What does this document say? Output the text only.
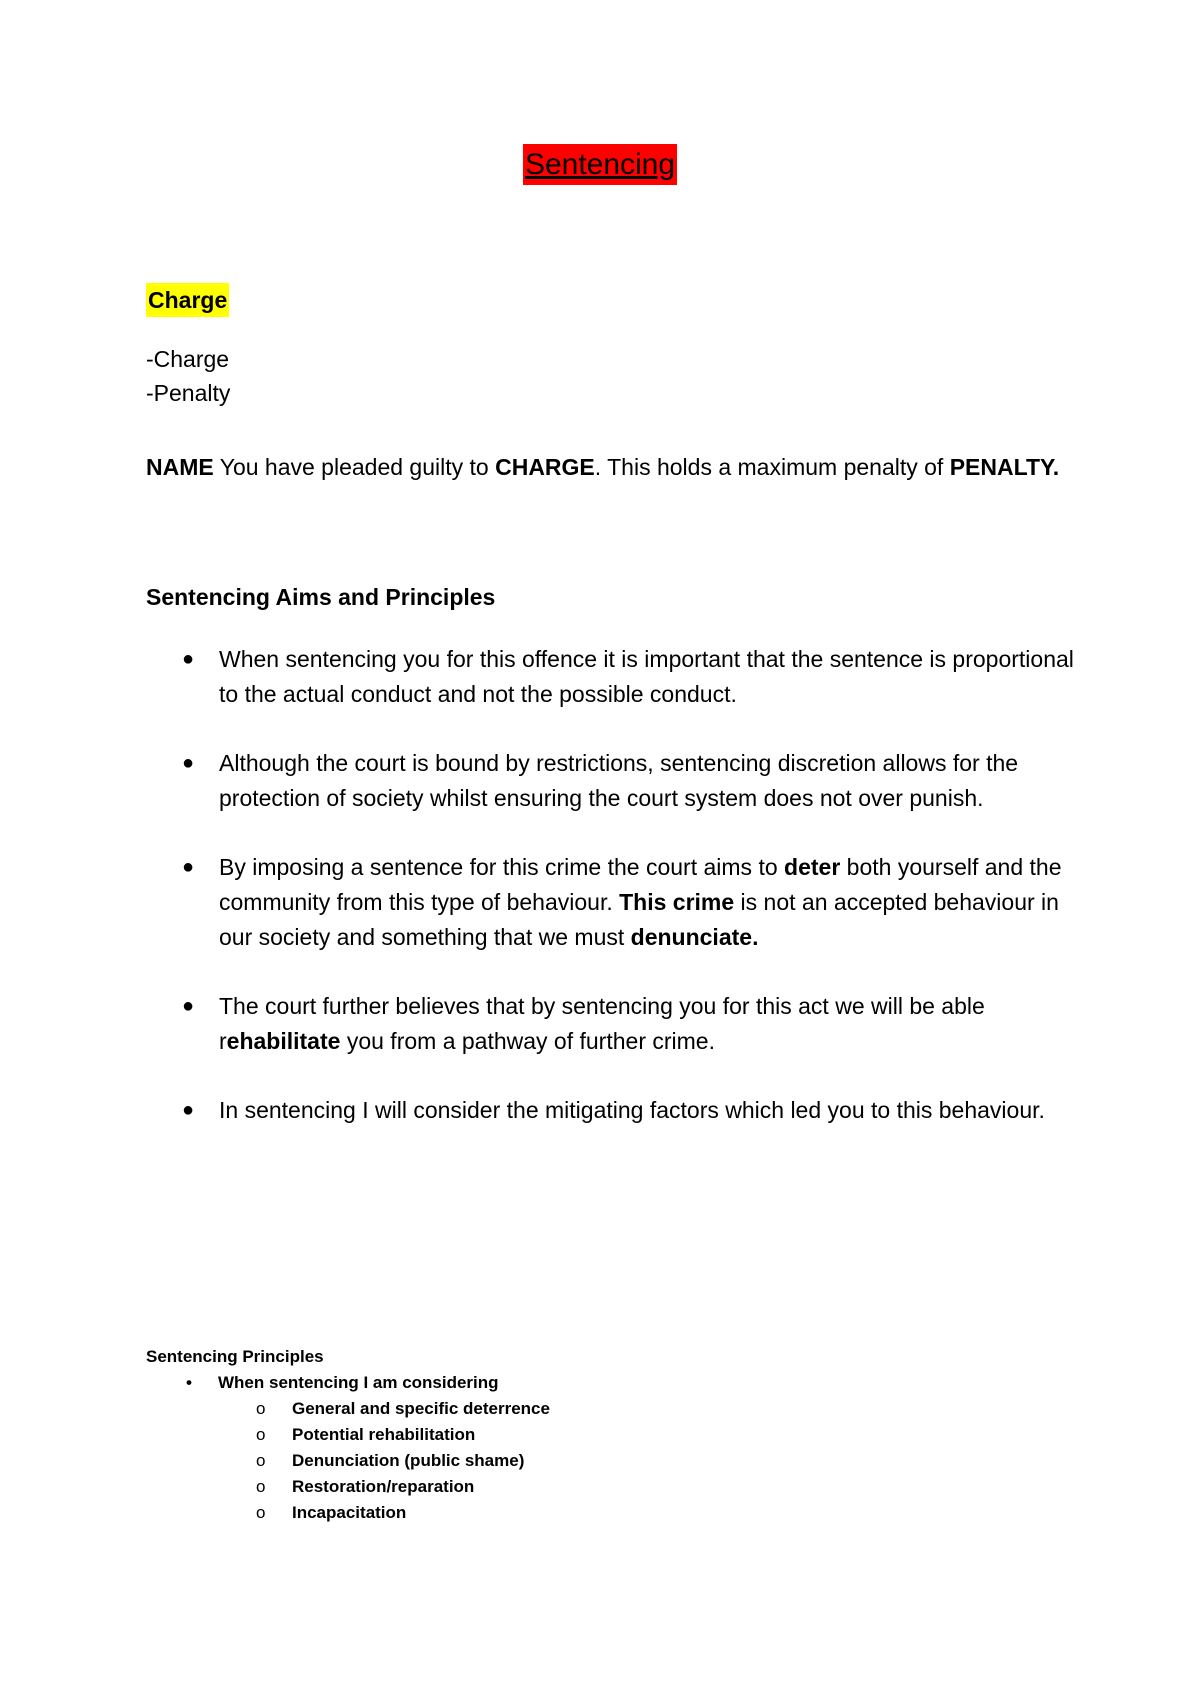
Sentencing
Charge

-Charge

-Penalty

NAME You have pleaded guilty to CHARGE. This holds a maximum penalty of PENALTY.
Sentencing Aims and Principles
● When sentencing you for this offence it is important that the sentence is proportional to the actual conduct and not the possible conduct.
● Although the court is bound by restrictions, sentencing discretion allows for the protection of society whilst ensuring the court system does not over punish.
● By imposing a sentence for this crime the court aims to deter both yourself and the community from this type of behaviour. This crime is not an accepted behaviour in our society and something that we must denunciate.
● The court further believes that by sentencing you for this act we will be able rehabilitate you from a pathway of further crime.
● In sentencing I will consider the mitigating factors which led you to this behaviour.
Sentencing Principles
• When sentencing I am considering
o General and specific deterrence
o Potential rehabilitation
o Denunciation (public shame)
o Restoration/reparation
o Incapacitation
